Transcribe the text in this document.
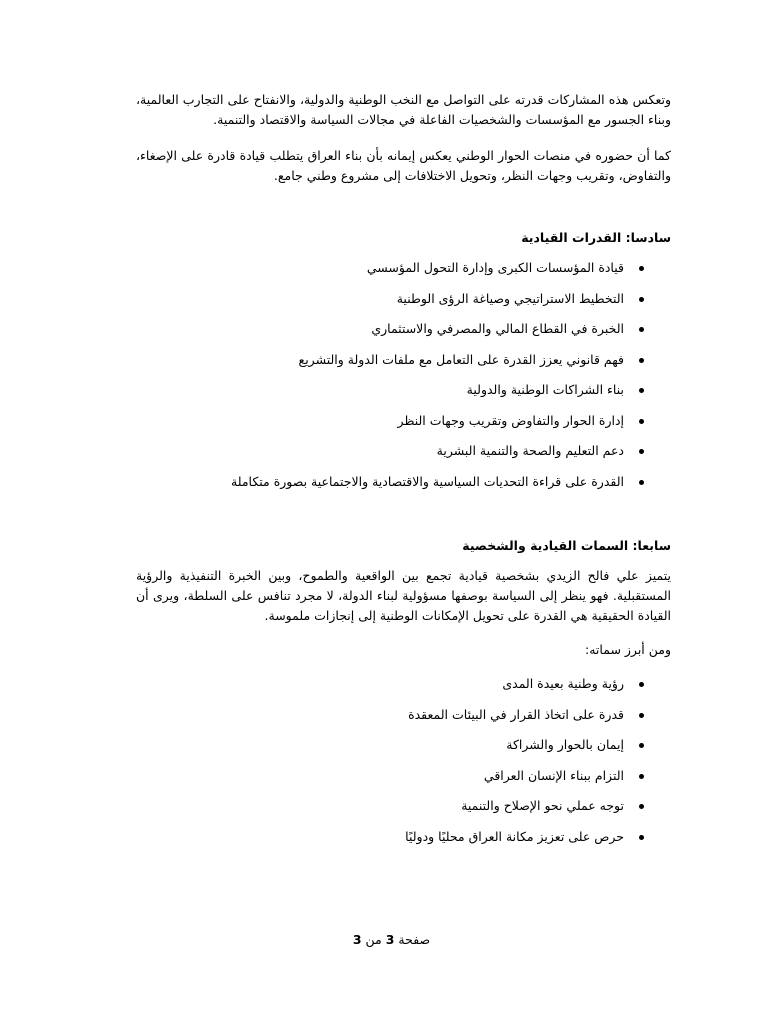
وتعكس هذه المشاركات قدرته على التواصل مع النخب الوطنية والدولية، والانفتاح على التجارب العالمية، وبناء الجسور مع المؤسسات والشخصيات الفاعلة في مجالات السياسة والاقتصاد والتنمية.

كما أن حضوره في منصات الحوار الوطني يعكس إيمانه بأن بناء العراق يتطلب قيادة قادرة على الإصغاء، والتفاوض، وتقريب وجهات النظر، وتحويل الاختلافات إلى مشروع وطني جامع.

سادسا: القدرات القيادية
قيادة المؤسسات الكبرى وإدارة التحول المؤسسي
التخطيط الاستراتيجي وصياغة الرؤى الوطنية
الخبرة في القطاع المالي والمصرفي والاستثماري
فهم قانوني يعزز القدرة على التعامل مع ملفات الدولة والتشريع
بناء الشراكات الوطنية والدولية
إدارة الحوار والتفاوض وتقريب وجهات النظر
دعم التعليم والصحة والتنمية البشرية
القدرة على قراءة التحديات السياسية والاقتصادية والاجتماعية بصورة متكاملة
سابعا: السمات القيادية والشخصية

يتميز علي فالح الزيدي بشخصية قيادية تجمع بين الواقعية والطموح، وبين الخبرة التنفيذية والرؤية المستقبلية. فهو ينظر إلى السياسة بوصفها مسؤولية لبناء الدولة، لا مجرد تنافس على السلطة، ويرى أن القيادة الحقيقية هي القدرة على تحويل الإمكانات الوطنية إلى إنجازات ملموسة.

ومن أبرز سماته:

رؤية وطنية بعيدة المدى
قدرة على اتخاذ القرار في البيئات المعقدة
إيمان بالحوار والشراكة
التزام ببناء الإنسان العراقي
توجه عملي نحو الإصلاح والتنمية
حرص على تعزيز مكانة العراق محليًا ودوليًا
صفحة 3 من 3
